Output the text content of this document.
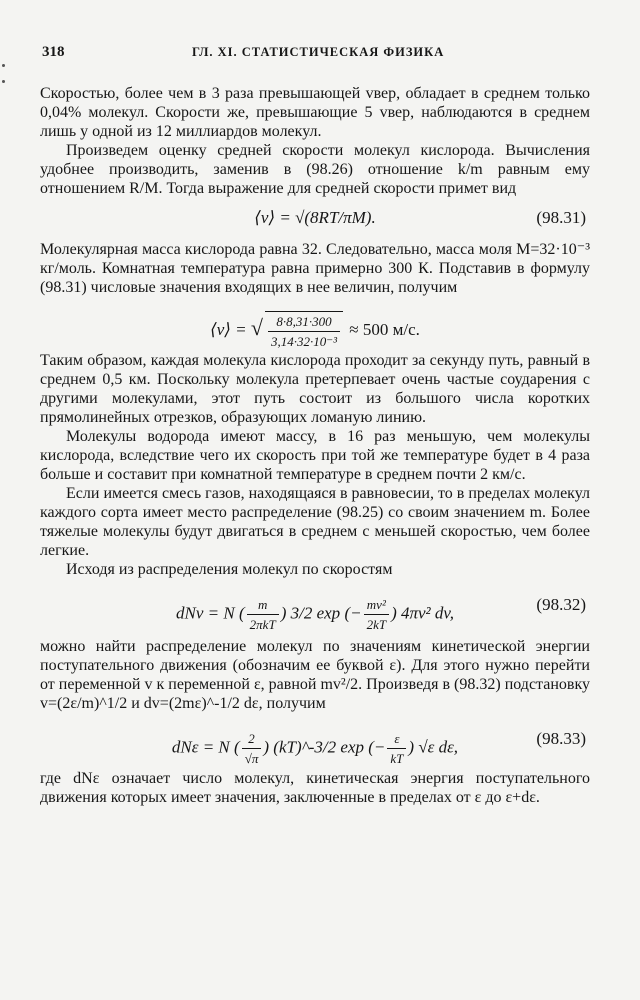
318	ГЛ. XI. СТАТИСТИЧЕСКАЯ ФИЗИКА

Скоростью, более чем в 3 раза превышающей vвер, обладает в среднем только 0,04% молекул. Скорости же, превышающие 5 vвер, наблюдаются в среднем лишь у одной из 12 миллиардов молекул.

Произведем оценку средней скорости молекул кислорода. Вычисления удобнее производить, заменив в (98.26) отношение k/m равным ему отношением R/M. Тогда выражение для средней скорости примет вид

⟨v⟩ = √(8RT/πM).	(98.31)

Молекулярная масса кислорода равна 32. Следовательно, масса моля M=32·10⁻³ кг/моль. Комнатная температура равна примерно 300 К. Подставив в формулу (98.31) числовые значения входящих в нее величин, получим

⟨v⟩ = √ $\frac{8\cdot 8,31\cdot 300}{\text{3,14·32·10⁻³}} \approx 500$ м/с.

Таким образом, каждая молекула кислорода проходит за секунду путь, равный в среднем 0,5 км. Поскольку молекула претерпевает очень частые соударения с другими молекулами, этот путь состоит из большого числа коротких прямолинейных отрезков, образующих ломаную линию.

Молекулы водорода имеют массу, в 16 раз меньшую, чем молекулы кислорода, вследствие чего их скорость при той же температуре будет в 4 раза больше и составит при комнатной температуре в среднем почти 2 км/с.

Если имеется смесь газов, находящаяся в равновесии, то в пределах молекул каждого сорта имеет место распределение (98.25) со своим значением m. Более тяжелые молекулы будут двигаться в среднем с меньшей скоростью, чем более легкие.

Исходя из распределения молекул по скоростям

dNv = N ( $\frac{m}{\text{2πkT}}$ ) 3/2 exp (− $\frac{\text{mv²}}{2kT}$ ) 4πv² dv,	(98.32)

можно найти распределение молекул по значениям кинетической энергии поступательного движения (обозначим ее буквой ε). Для этого нужно перейти от переменной v к переменной ε, равной mv²/2. Произведя в (98.32) подстановку v=(2ε/m)^1/2 и dv=(2mε)^-1/2 dε, получим

dNε = N ( $\frac{2}{√\pi}$ ) (kT)^-3/2 exp (− $\frac{\varepsilon}{kT}$ ) √ε dε,	(98.33)

где dNε означает число молекул, кинетическая энергия поступательного движения которых имеет значения, заключенные в пределах от ε до ε+dε.
